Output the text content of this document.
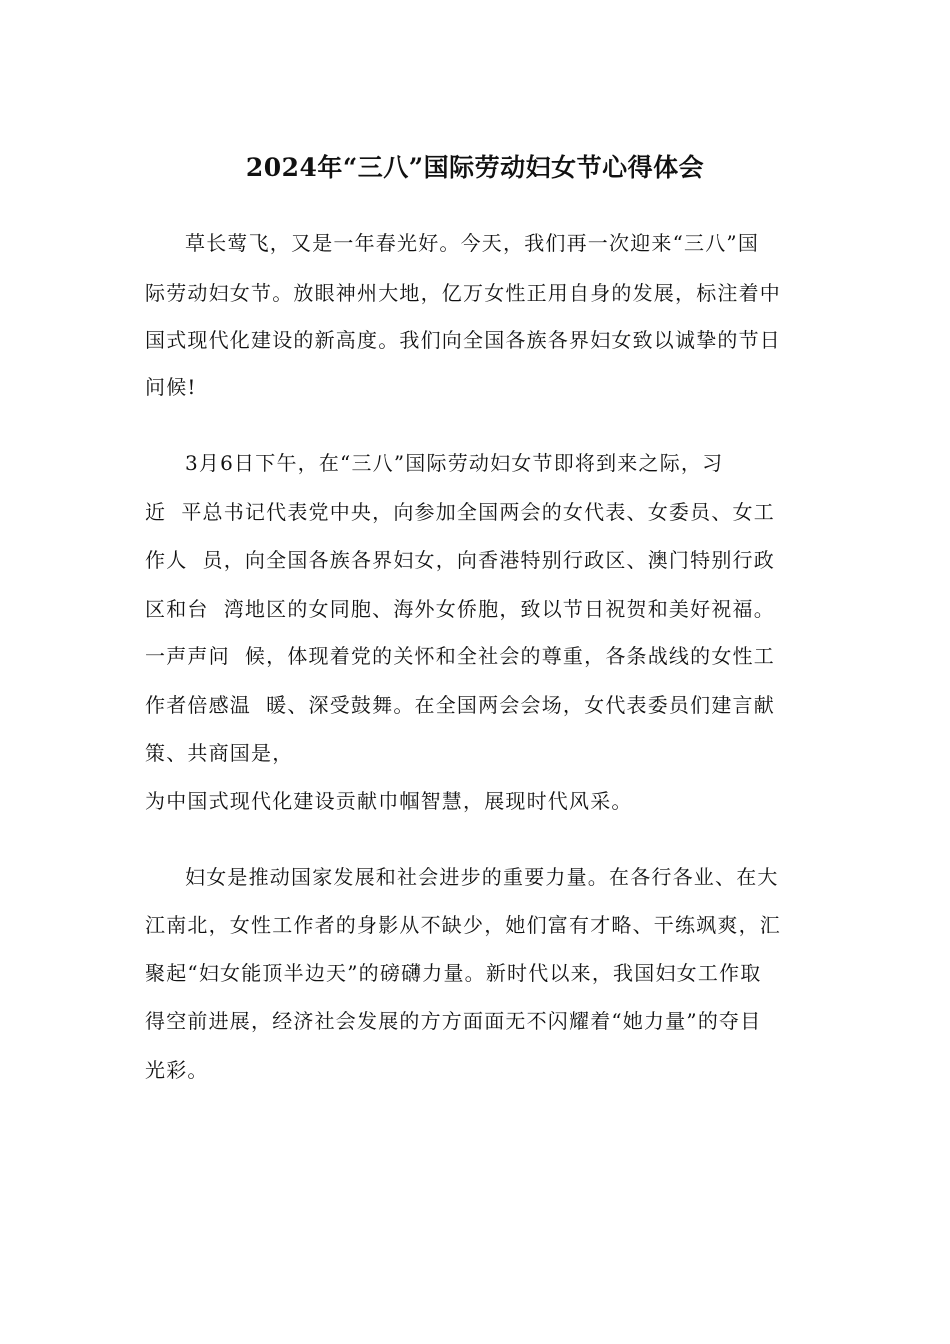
2024年“三八”国际劳动妇女节心得体会
草长莺飞，又是一年春光好。今天，我们再一次迎来“三八”国
际劳动妇女节。放眼神州大地，亿万女性正用自身的发展，标注着中
国式现代化建设的新高度。我们向全国各族各界妇女致以诚挚的节日
问候!
3月6日下午，在“三八”国际劳动妇女节即将到来之际，习
近  平总书记代表党中央，向参加全国两会的女代表、女委员、女工
作人  员，向全国各族各界妇女，向香港特别行政区、澳门特别行政
区和台  湾地区的女同胞、海外女侨胞，致以节日祝贺和美好祝福。
一声声问  候，体现着党的关怀和全社会的尊重，各条战线的女性工
作者倍感温  暖、深受鼓舞。在全国两会会场，女代表委员们建言献
策、共商国是，
为中国式现代化建设贡献巾帼智慧，展现时代风采。
妇女是推动国家发展和社会进步的重要力量。在各行各业、在大
江南北，女性工作者的身影从不缺少，她们富有才略、干练飒爽，汇
聚起“妇女能顶半边天”的磅礴力量。新时代以来，我国妇女工作取
得空前进展，经济社会发展的方方面面无不闪耀着“她力量”的夺目
光彩。
